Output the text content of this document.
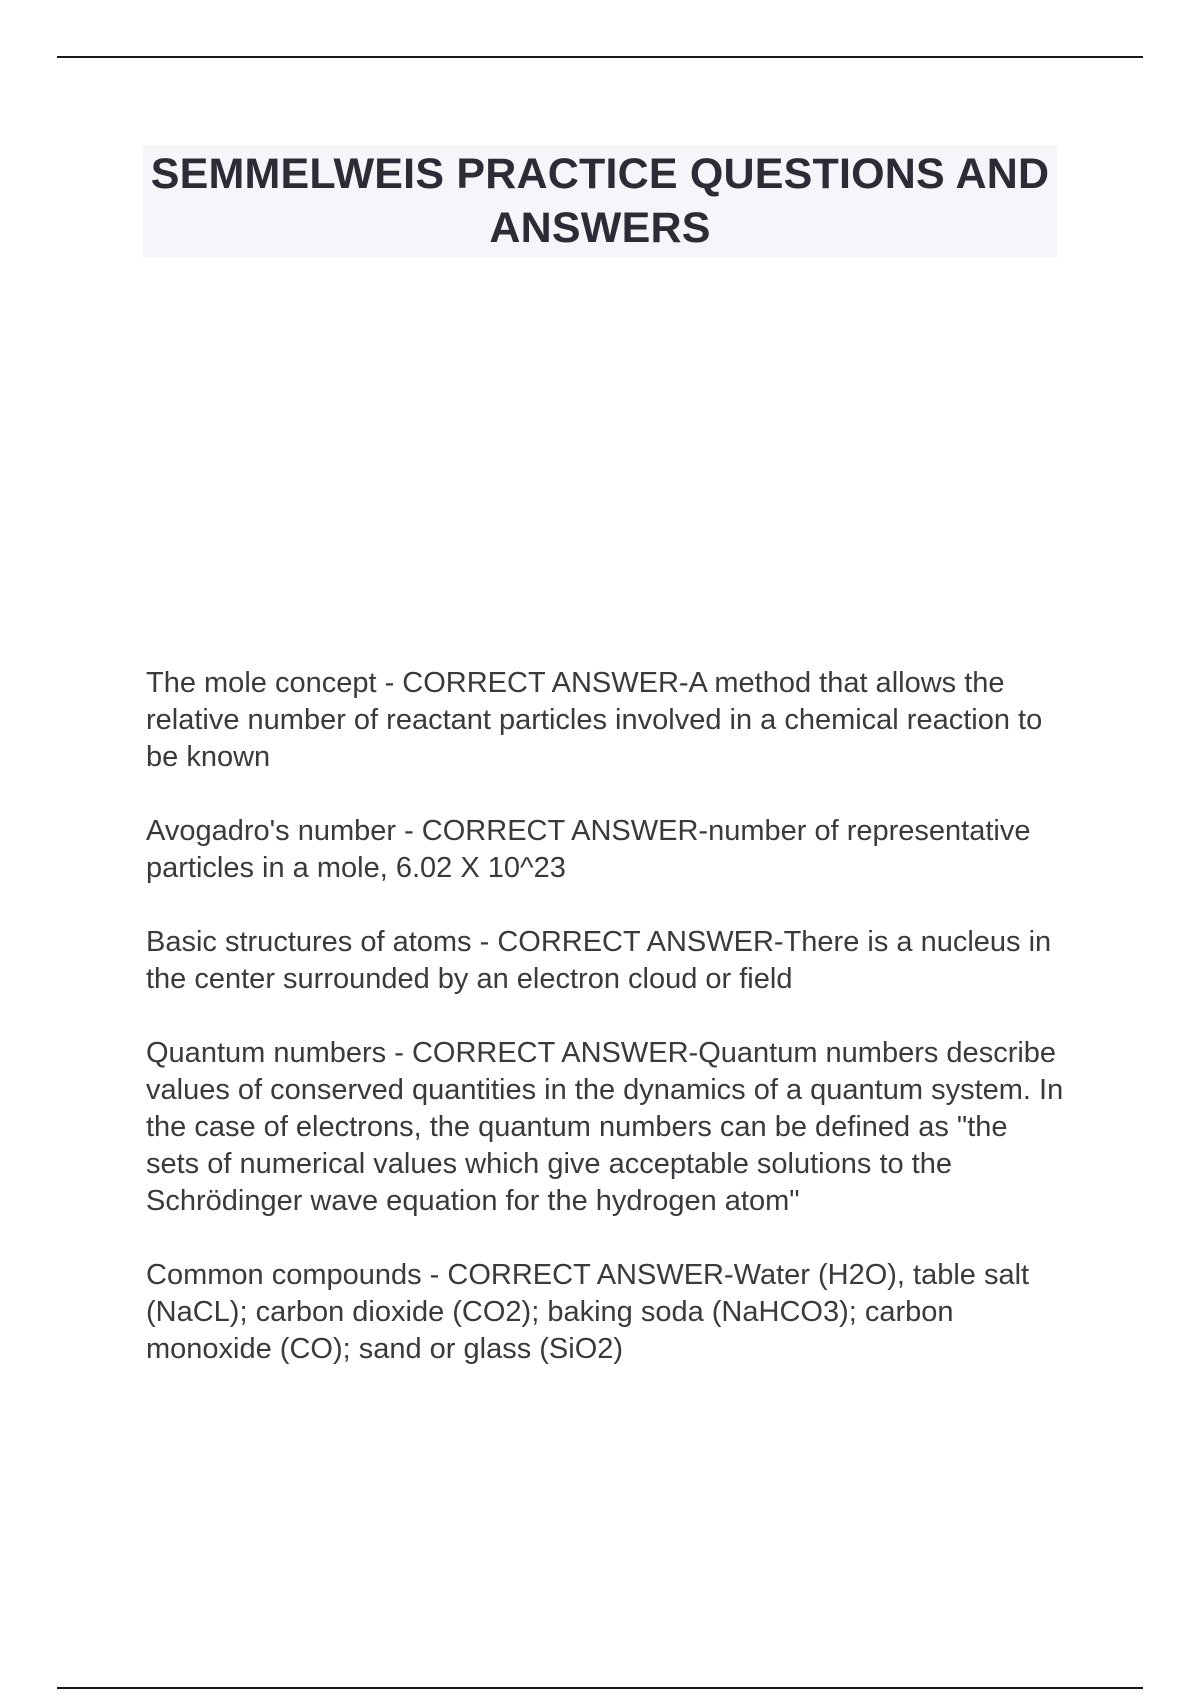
SEMMELWEIS PRACTICE QUESTIONS AND ANSWERS

The mole concept - CORRECT ANSWER-A method that allows the relative number of reactant particles involved in a chemical reaction to be known

Avogadro's number - CORRECT ANSWER-number of representative particles in a mole, 6.02 X 10^23

Basic structures of atoms - CORRECT ANSWER-There is a nucleus in the center surrounded by an electron cloud or field

Quantum numbers - CORRECT ANSWER-Quantum numbers describe values of conserved quantities in the dynamics of a quantum system. In the case of electrons, the quantum numbers can be defined as "the sets of numerical values which give acceptable solutions to the Schrödinger wave equation for the hydrogen atom"

Common compounds - CORRECT ANSWER-Water (H2O), table salt (NaCL); carbon dioxide (CO2); baking soda (NaHCO3); carbon monoxide (CO); sand or glass (SiO2)
